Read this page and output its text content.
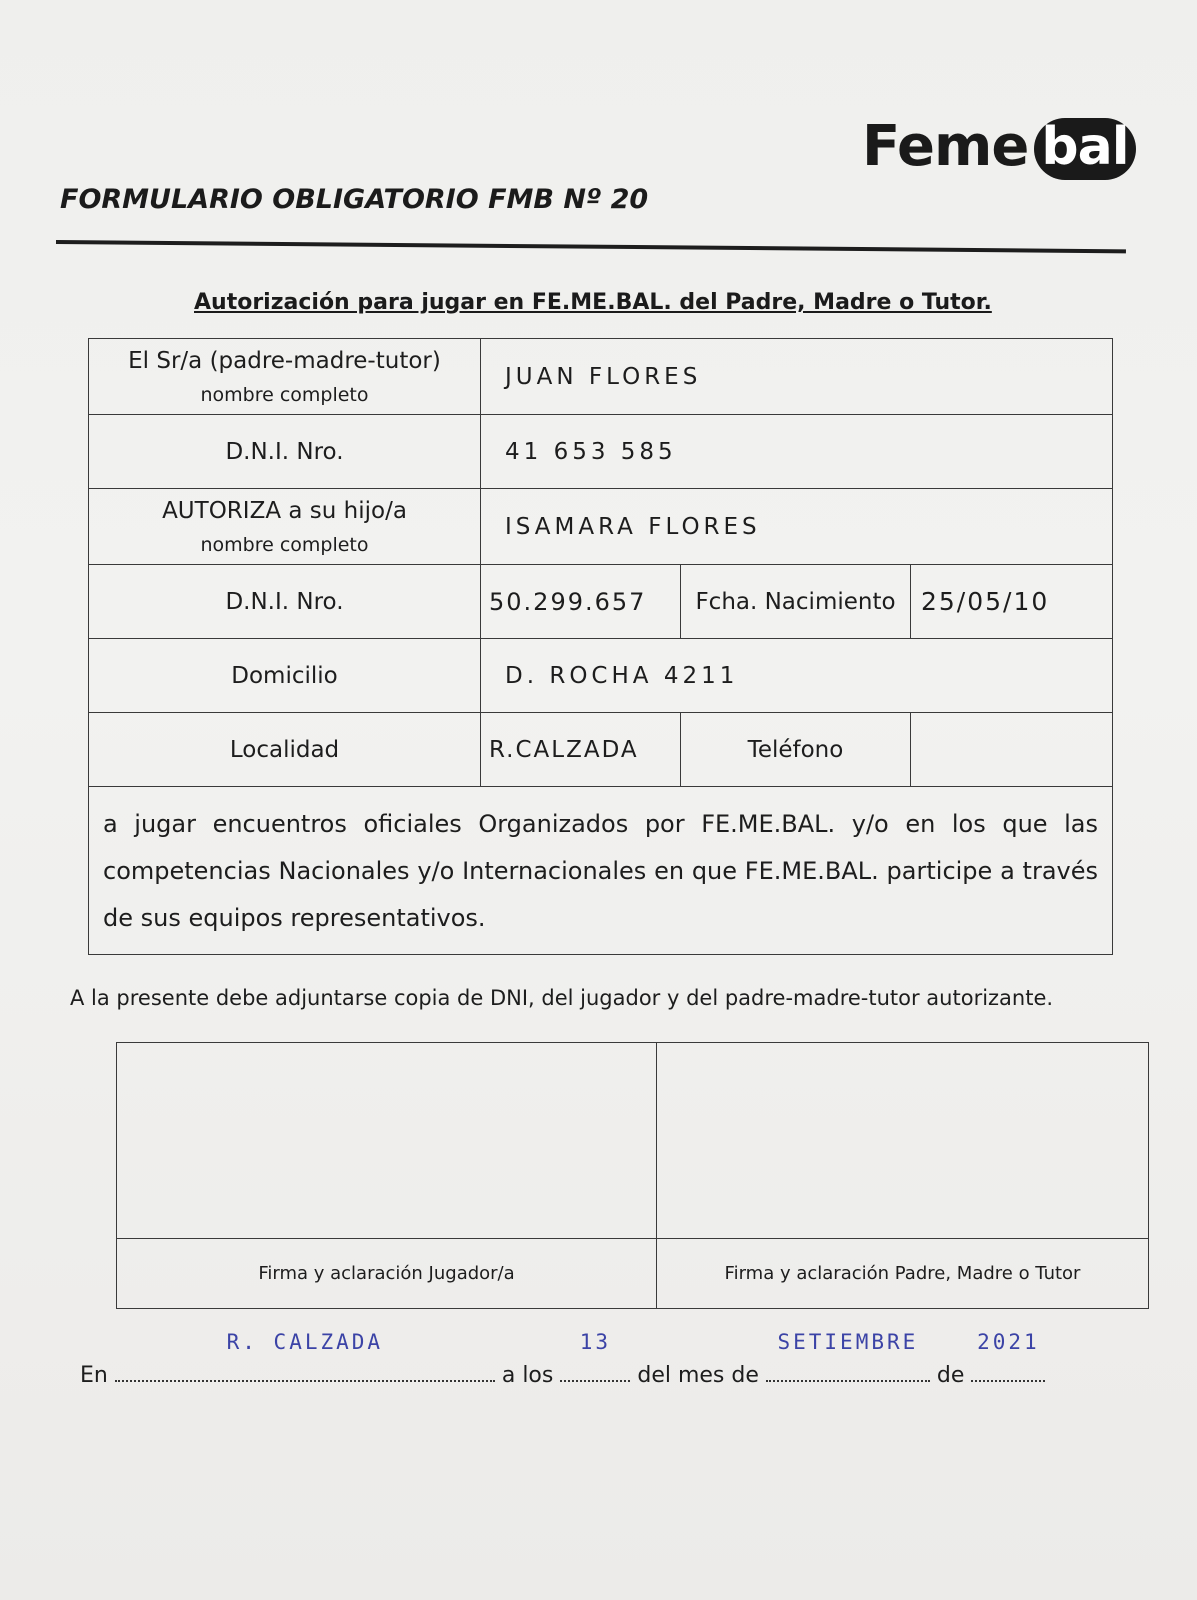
Feme bal
FORMULARIO OBLIGATORIO FMB Nº 20
Autorización para jugar en FE.ME.BAL. del Padre, Madre o Tutor.
El Sr/a (padre-madre-tutor)
nombre completo	JUAN FLORES		
D.N.I. Nro.	41 653 585		
AUTORIZA a su hijo/a
nombre completo	ISAMARA FLORES		
D.N.I. Nro.	50.299.657	Fcha. Nacimiento	25/05/10
Domicilio	D. ROCHA 4211		
Localidad	R.CALZADA	Teléfono	
a jugar encuentros oficiales Organizados por FE.ME.BAL. y/o en los que las competencias Nacionales y/o Internacionales en que FE.ME.BAL. participe a través de sus equipos representativos.			
A la presente debe adjuntarse copia de DNI, del jugador y del padre-madre-tutor autorizante.

Firma y aclaración Jugador/a	Firma y aclaración Padre, Madre o Tutor
En
R. CALZADA
a los
13
del mes de
SETIEMBRE
de
2021
